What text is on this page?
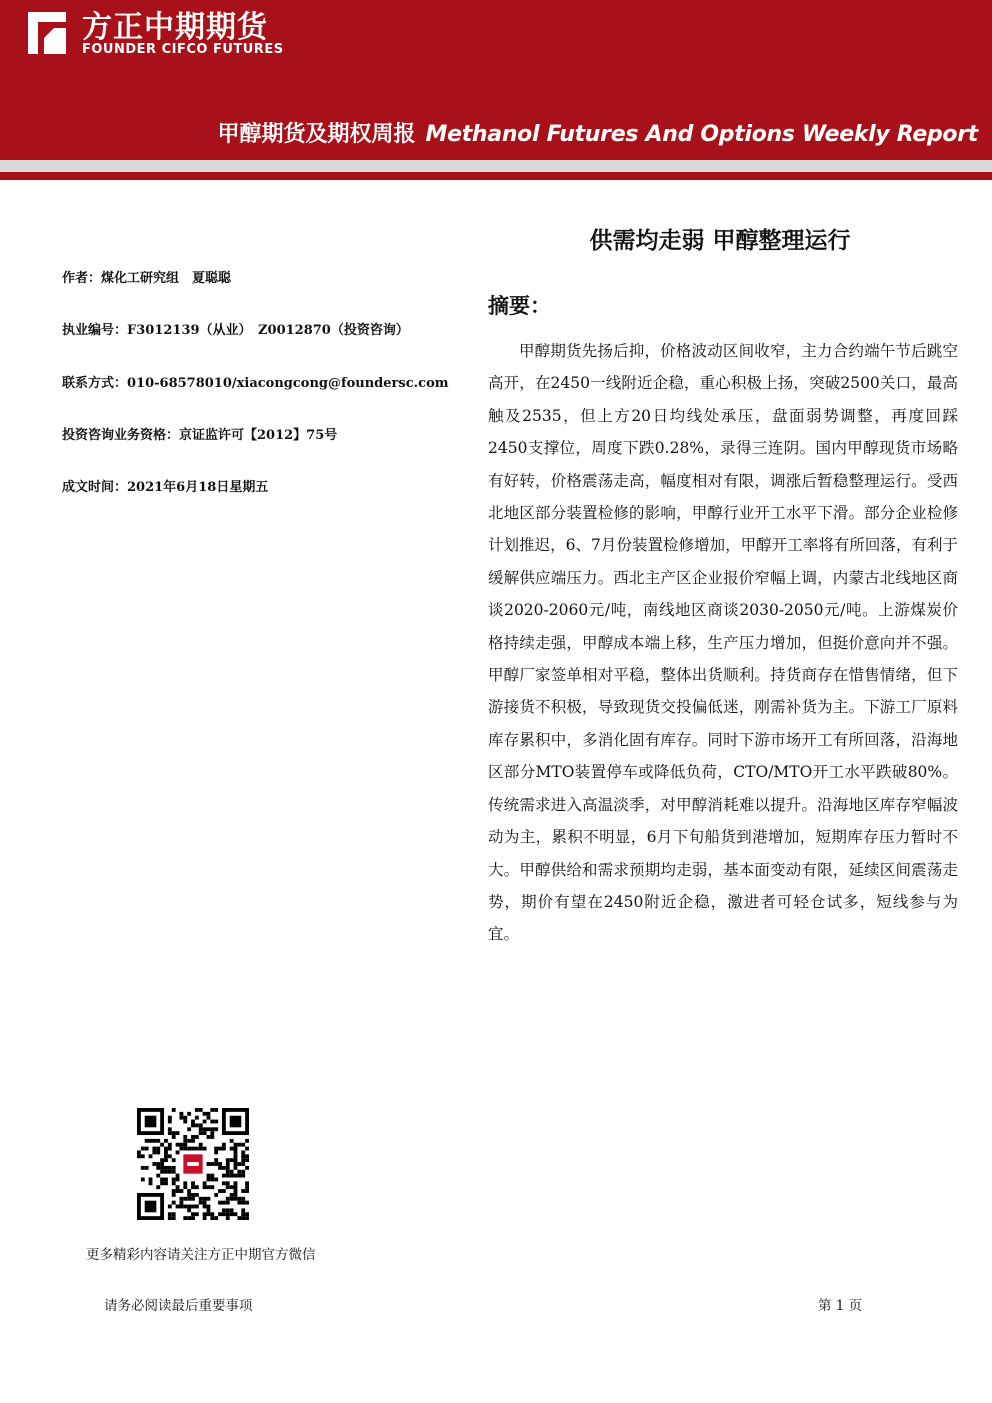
方正中期期货
FOUNDER CIFCO FUTURES
甲醇期货及期权周报 Methanol Futures And Options Weekly Report
供需均走弱 甲醇整理运行
作者：煤化工研究组　夏聪聪
执业编号：F3012139（从业）　Z0012870（投资咨询）
联系方式：010-68578010/xiacongcong@foundersc.com
投资咨询业务资格：京证监许可【2012】75号
成文时间：2021年6月18日星期五
摘要：

甲醇期货先扬后抑，价格波动区间收窄，主力合约端午节后跳空高开，在2450一线附近企稳，重心积极上扬，突破2500关口，最高触及2535，但上方20日均线处承压，盘面弱势调整，再度回踩2450支撑位，周度下跌0.28%，录得三连阴。国内甲醇现货市场略有好转，价格震荡走高，幅度相对有限，调涨后暂稳整理运行。受西北地区部分装置检修的影响，甲醇行业开工水平下滑。部分企业检修计划推迟，6、7月份装置检修增加，甲醇开工率将有所回落，有利于缓解供应端压力。西北主产区企业报价窄幅上调，内蒙古北线地区商谈2020-2060元/吨，南线地区商谈2030-2050元/吨。上游煤炭价格持续走强，甲醇成本端上移，生产压力增加，但挺价意向并不强。甲醇厂家签单相对平稳，整体出货顺利。持货商存在惜售情绪，但下游接货不积极，导致现货交投偏低迷，刚需补货为主。下游工厂原料库存累积中，多消化固有库存。同时下游市场开工有所回落，沿海地区部分MTO装置停车或降低负荷，CTO/MTO开工水平跌破80%。传统需求进入高温淡季，对甲醇消耗难以提升。沿海地区库存窄幅波动为主，累积不明显，6月下旬船货到港增加，短期库存压力暂时不大。甲醇供给和需求预期均走弱，基本面变动有限，延续区间震荡走势，期价有望在2450附近企稳，激进者可轻仓试多，短线参与为宜。

更多精彩内容请关注方正中期官方微信
请务必阅读最后重要事项	第 1 页
